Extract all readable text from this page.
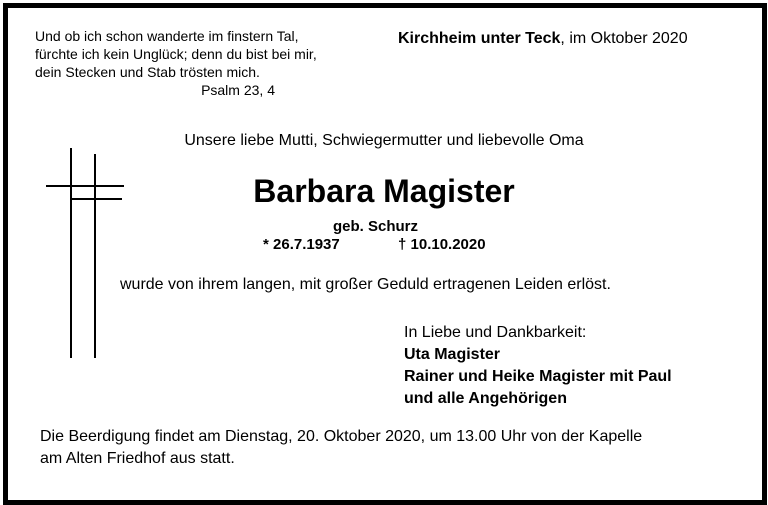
Und ob ich schon wanderte im finstern Tal,
fürchte ich kein Unglück; denn du bist bei mir,
dein Stecken und Stab trösten mich.
Psalm 23, 4
Kirchheim unter Teck, im Oktober 2020
Unsere liebe Mutti, Schwiegermutter und liebevolle Oma
Barbara Magister
geb. Schurz
* 26.7.1937	† 10.10.2020
wurde von ihrem langen, mit großer Geduld ertragenen Leiden erlöst.
In Liebe und Dankbarkeit:
Uta Magister
Rainer und Heike Magister mit Paul
und alle Angehörigen
Die Beerdigung findet am Dienstag, 20. Oktober 2020, um 13.00 Uhr von der Kapelle
am Alten Friedhof aus statt.
